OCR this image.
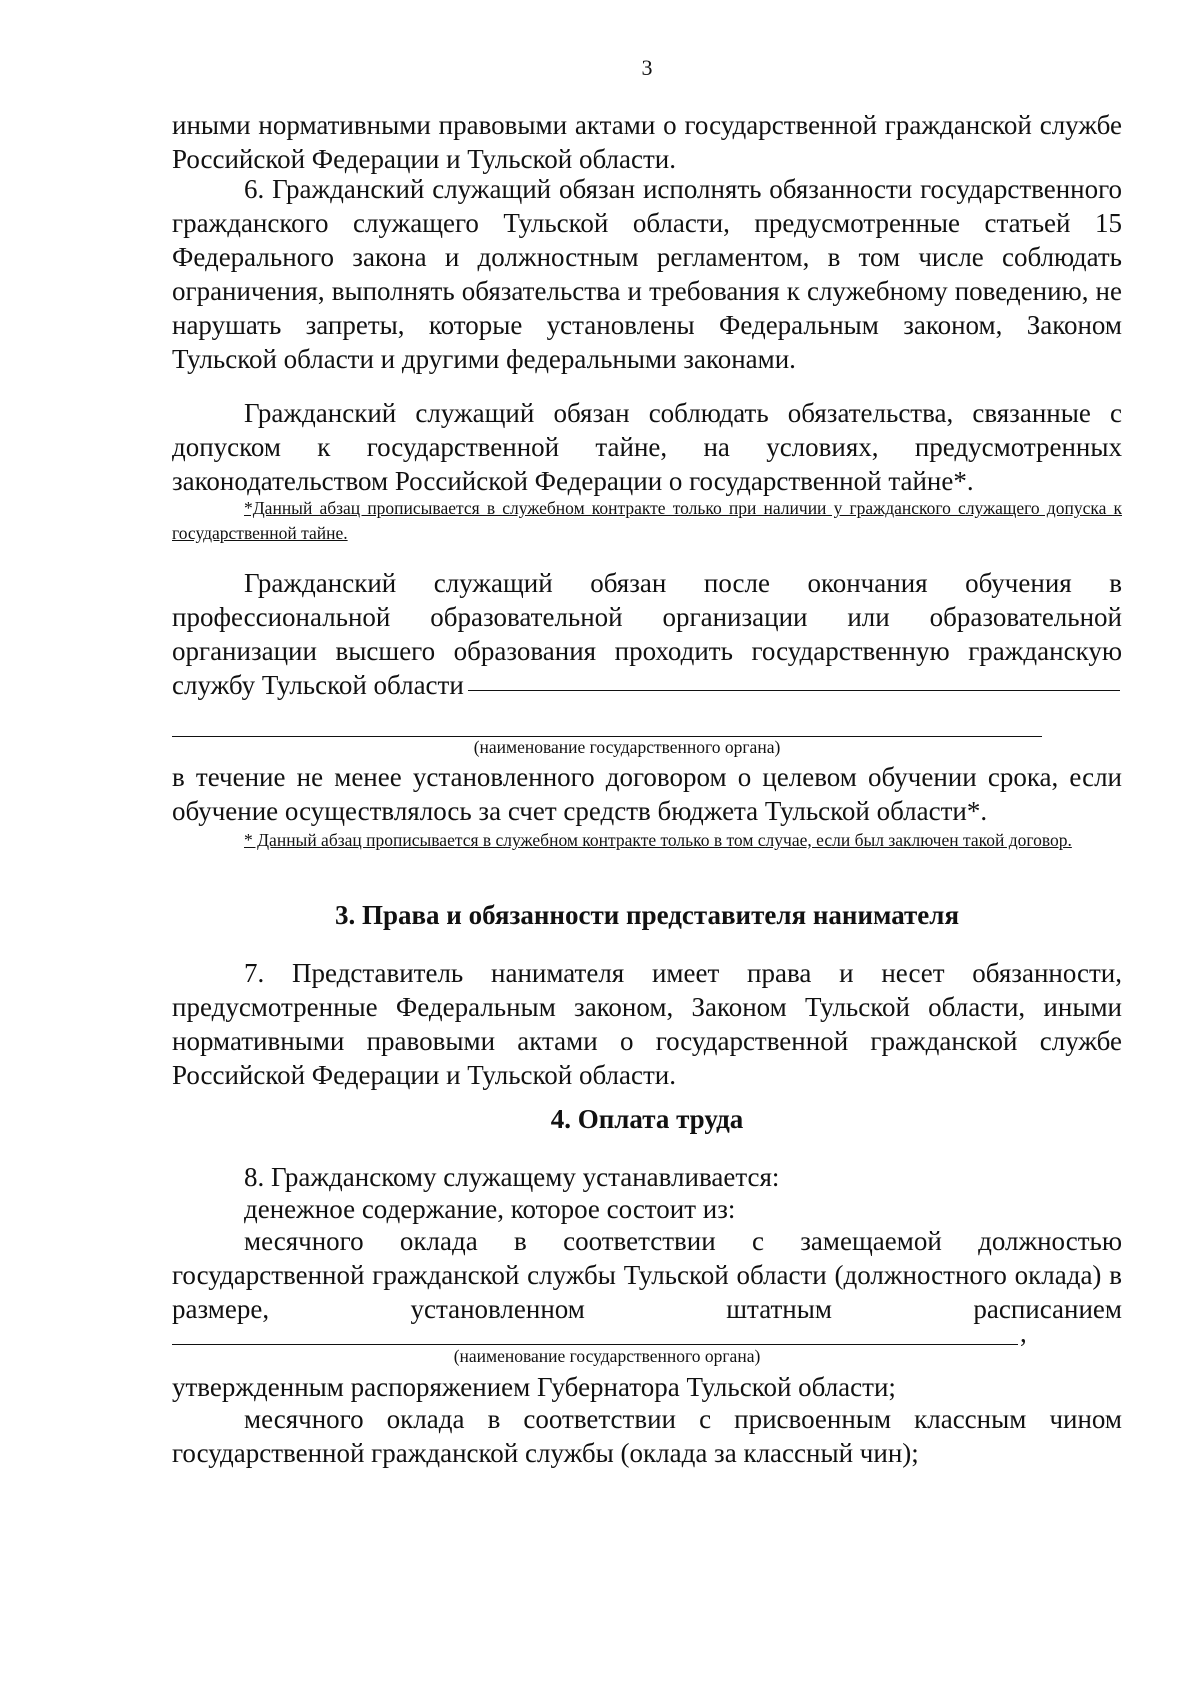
3

иными нормативными правовыми актами о государственной гражданской службе Российской Федерации и Тульской области.

6. Гражданский служащий обязан исполнять обязанности государственного гражданского служащего Тульской области, предусмотренные статьей 15 Федерального закона и должностным регламентом, в том числе соблюдать ограничения, выполнять обязательства и требования к служебному поведению, не нарушать запреты, которые установлены Федеральным законом, Законом Тульской области и другими федеральными законами.

Гражданский служащий обязан соблюдать обязательства, связанные с допуском к государственной тайне, на условиях, предусмотренных законодательством Российской Федерации о государственной тайне*.

*Данный абзац прописывается в служебном контракте только при наличии у гражданского служащего допуска к государственной тайне.

Гражданский служащий обязан после окончания обучения в профессиональной образовательной организации или образовательной организации высшего образования проходить государственную гражданскую службу Тульской области

(наименование государственного органа)

в течение не менее установленного договором о целевом обучении срока, если обучение осуществлялось за счет средств бюджета Тульской области*.

* Данный абзац прописывается в служебном контракте только в том случае, если был заключен такой договор.

3. Права и обязанности представителя нанимателя

7. Представитель нанимателя имеет права и несет обязанности, предусмотренные Федеральным законом, Законом Тульской области, иными нормативными правовыми актами о государственной гражданской службе Российской Федерации и Тульской области.

4. Оплата труда

8. Гражданскому служащему устанавливается:

денежное содержание, которое состоит из:

месячного оклада в соответствии с замещаемой должностью государственной гражданской службы Тульской области (должностного оклада) в размере, установленном штатным расписанием

,
(наименование государственного органа)

утвержденным распоряжением Губернатора Тульской области;

месячного оклада в соответствии с присвоенным классным чином государственной гражданской службы (оклада за классный чин);
